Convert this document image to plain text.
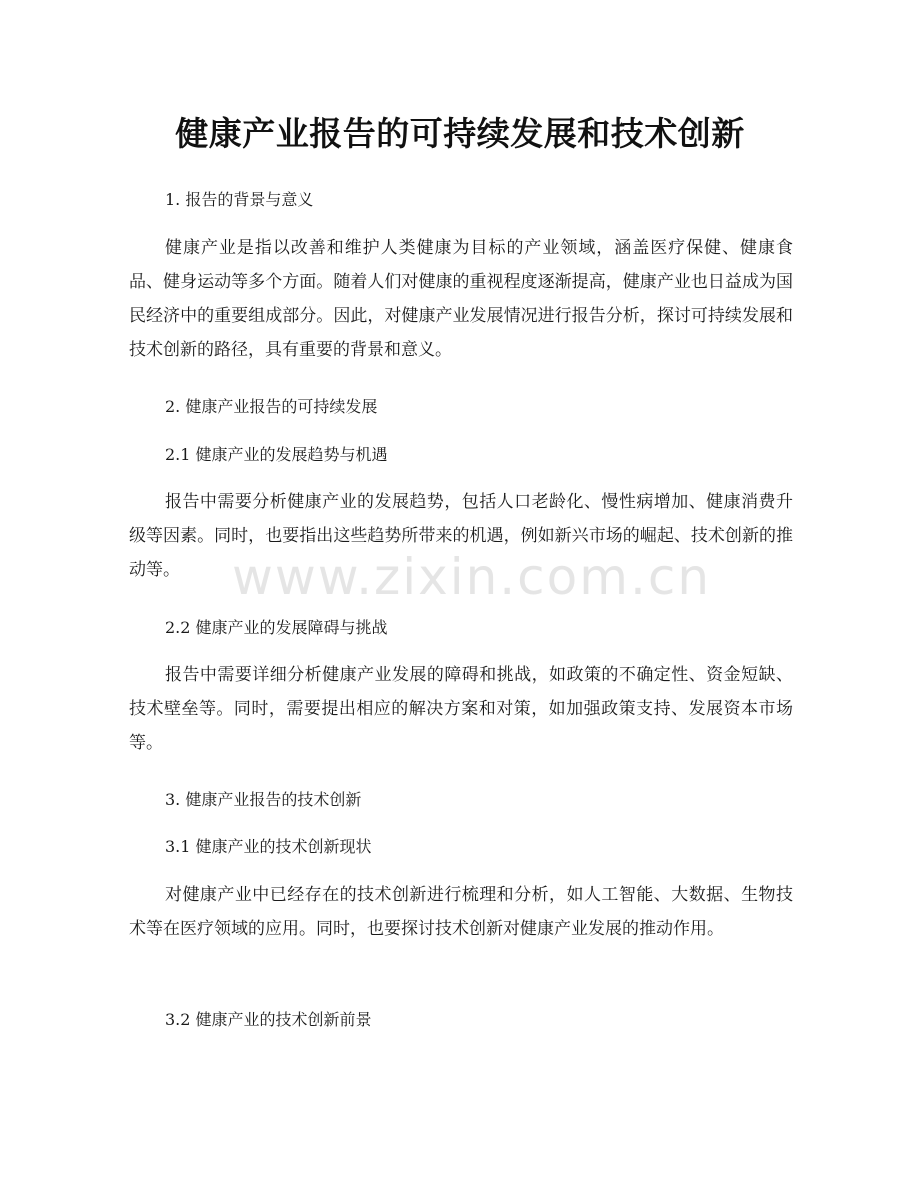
健康产业报告的可持续发展和技术创新

1. 报告的背景与意义

健康产业是指以改善和维护人类健康为目标的产业领域，涵盖医疗保健、健康食品、健身运动等多个方面。随着人们对健康的重视程度逐渐提高，健康产业也日益成为国民经济中的重要组成部分。因此，对健康产业发展情况进行报告分析，探讨可持续发展和技术创新的路径，具有重要的背景和意义。

2. 健康产业报告的可持续发展

2.1 健康产业的发展趋势与机遇

报告中需要分析健康产业的发展趋势，包括人口老龄化、慢性病增加、健康消费升级等因素。同时，也要指出这些趋势所带来的机遇，例如新兴市场的崛起、技术创新的推动等。

2.2 健康产业的发展障碍与挑战

报告中需要详细分析健康产业发展的障碍和挑战，如政策的不确定性、资金短缺、技术壁垒等。同时，需要提出相应的解决方案和对策，如加强政策支持、发展资本市场等。

3. 健康产业报告的技术创新

3.1 健康产业的技术创新现状

对健康产业中已经存在的技术创新进行梳理和分析，如人工智能、大数据、生物技术等在医疗领域的应用。同时，也要探讨技术创新对健康产业发展的推动作用。

3.2 健康产业的技术创新前景

www.zixin.com.cn
